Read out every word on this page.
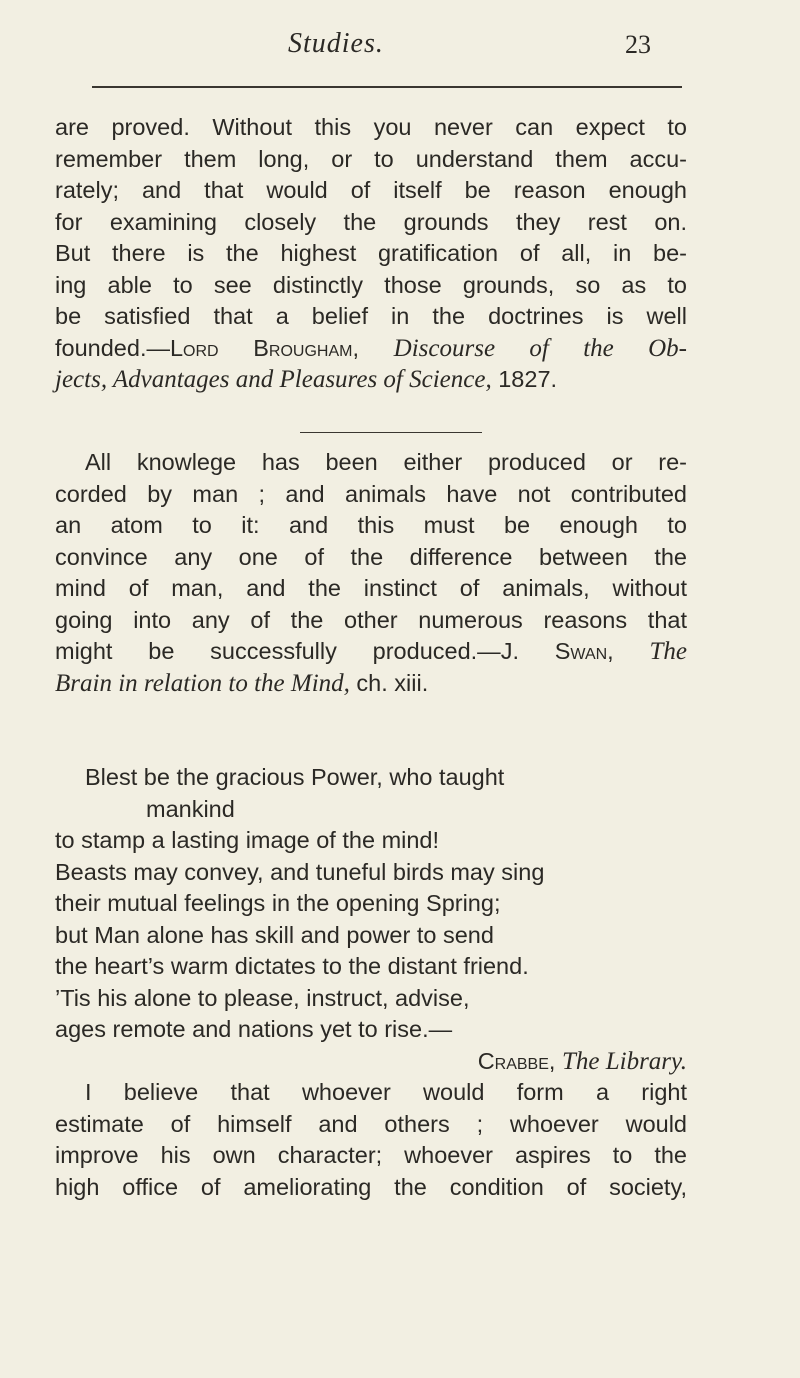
Studies.	23
are proved. Without this you never can expect to
remember them long, or to understand them accu-
rately; and that would of itself be reason enough
for examining closely the grounds they rest on.
But there is the highest gratification of all, in be-
ing able to see distinctly those grounds, so as to
be satisfied that a belief in the doctrines is well
founded.—Lord Brougham, Discourse of the Ob-
jects, Advantages and Pleasures of Science, 1827.
All knowlege has been either produced or re-
corded by man ; and animals have not contributed
an atom to it: and this must be enough to
convince any one of the difference between the
mind of man, and the instinct of animals, without
going into any of the other numerous reasons that
might be successfully produced.—J. Swan, The
Brain in relation to the Mind, ch. xiii.
Blest be the gracious Power, who taught
mankind
to stamp a lasting image of the mind!
Beasts may convey, and tuneful birds may sing
their mutual feelings in the opening Spring;
but Man alone has skill and power to send
the heart’s warm dictates to the distant friend.
’Tis his alone to please, instruct, advise,
ages remote and nations yet to rise.—
Crabbe, The Library.
I believe that whoever would form a right
estimate of himself and others ; whoever would
improve his own character; whoever aspires to the
high office of ameliorating the condition of society,
